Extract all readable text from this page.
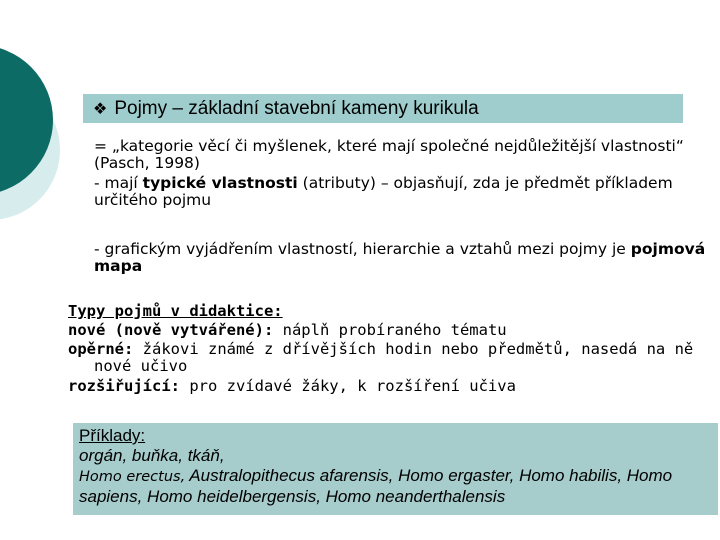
❖ Pojmy – základní stavební kameny kurikula

= „kategorie věcí či myšlenek, které mají společné nejdůležitější vlastnosti“ (Pasch, 1998)

- mají typické vlastnosti (atributy) – objasňují, zda je předmět příkladem určitého pojmu

- grafickým vyjádřením vlastností, hierarchie a vztahů mezi pojmy je pojmová mapa

Typy pojmů v didaktice:

nové (nově vytvářené): náplň probíraného tématu

opěrné: žákovi známé z dřívějších hodin nebo předmětů, nasedá na ně nové učivo

rozšiřující: pro zvídavé žáky, k rozšíření učiva

Příklady:
orgán, buňka, tkáň,
Homo erectus, Australopithecus afarensis, Homo ergaster, Homo habilis, Homo sapiens, Homo heidelbergensis, Homo neanderthalensis
